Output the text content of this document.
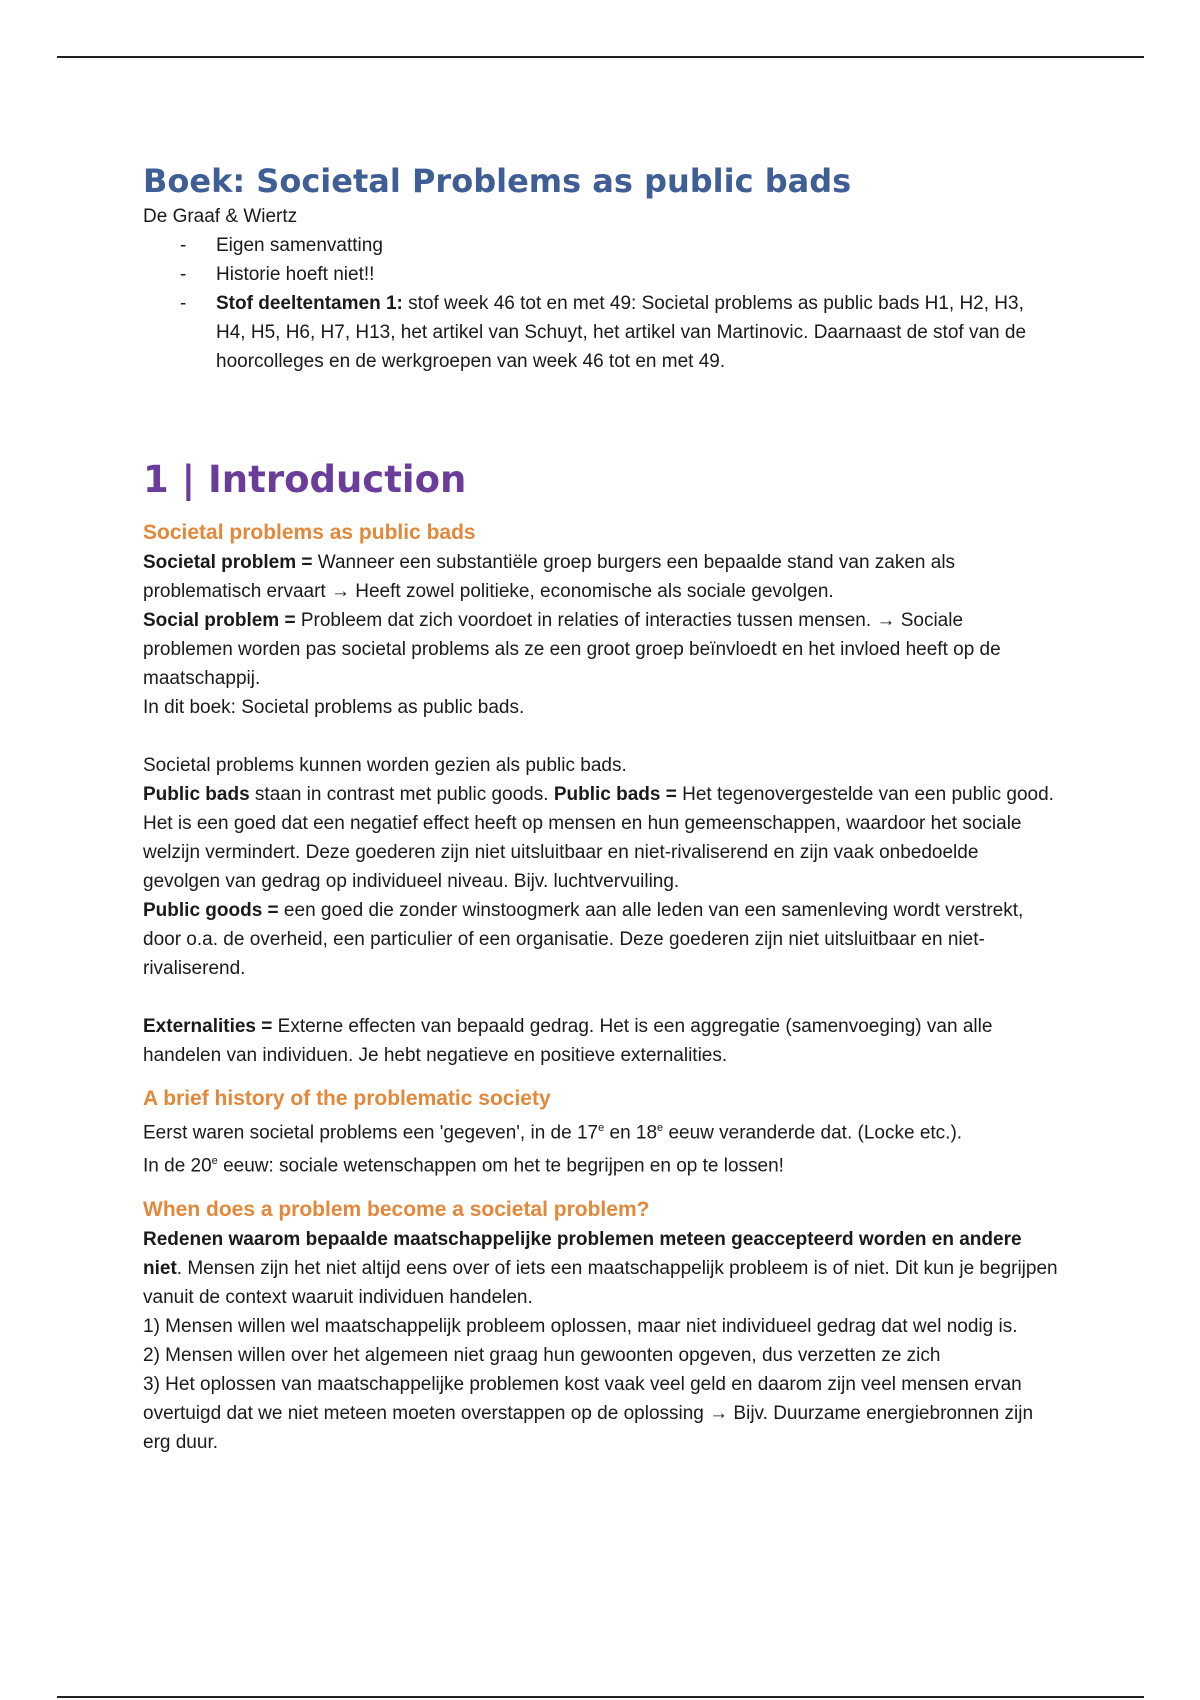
Boek: Societal Problems as public bads

De Graaf & Wiertz

- Eigen samenvatting
- Historie hoeft niet!!
- Stof deeltentamen 1: stof week 46 tot en met 49: Societal problems as public bads H1, H2, H3, H4, H5, H6, H7, H13, het artikel van Schuyt, het artikel van Martinovic. Daarnaast de stof van de hoorcolleges en de werkgroepen van week 46 tot en met 49.
1 | Introduction
Societal problems as public bads

Societal problem = Wanneer een substantiële groep burgers een bepaalde stand van zaken als problematisch ervaart → Heeft zowel politieke, economische als sociale gevolgen.

Social problem = Probleem dat zich voordoet in relaties of interacties tussen mensen. → Sociale problemen worden pas societal problems als ze een groot groep beïnvloedt en het invloed heeft op de maatschappij.

In dit boek: Societal problems as public bads.

Societal problems kunnen worden gezien als public bads.

Public bads staan in contrast met public goods. Public bads = Het tegenovergestelde van een public good. Het is een goed dat een negatief effect heeft op mensen en hun gemeenschappen, waardoor het sociale welzijn vermindert. Deze goederen zijn niet uitsluitbaar en niet-rivaliserend en zijn vaak onbedoelde gevolgen van gedrag op individueel niveau. Bijv. luchtvervuiling.

Public goods = een goed die zonder winstoogmerk aan alle leden van een samenleving wordt verstrekt, door o.a. de overheid, een particulier of een organisatie. Deze goederen zijn niet uitsluitbaar en niet-rivaliserend.

Externalities = Externe effecten van bepaald gedrag. Het is een aggregatie (samenvoeging) van alle handelen van individuen. Je hebt negatieve en positieve externalities.

A brief history of the problematic society

Eerst waren societal problems een 'gegeven', in de 17e en 18e eeuw veranderde dat. (Locke etc.).

In de 20e eeuw: sociale wetenschappen om het te begrijpen en op te lossen!

When does a problem become a societal problem?

Redenen waarom bepaalde maatschappelijke problemen meteen geaccepteerd worden en andere niet. Mensen zijn het niet altijd eens over of iets een maatschappelijk probleem is of niet. Dit kun je begrijpen vanuit de context waaruit individuen handelen.

1) Mensen willen wel maatschappelijk probleem oplossen, maar niet individueel gedrag dat wel nodig is.

2) Mensen willen over het algemeen niet graag hun gewoonten opgeven, dus verzetten ze zich

3) Het oplossen van maatschappelijke problemen kost vaak veel geld en daarom zijn veel mensen ervan overtuigd dat we niet meteen moeten overstappen op de oplossing → Bijv. Duurzame energiebronnen zijn erg duur.
